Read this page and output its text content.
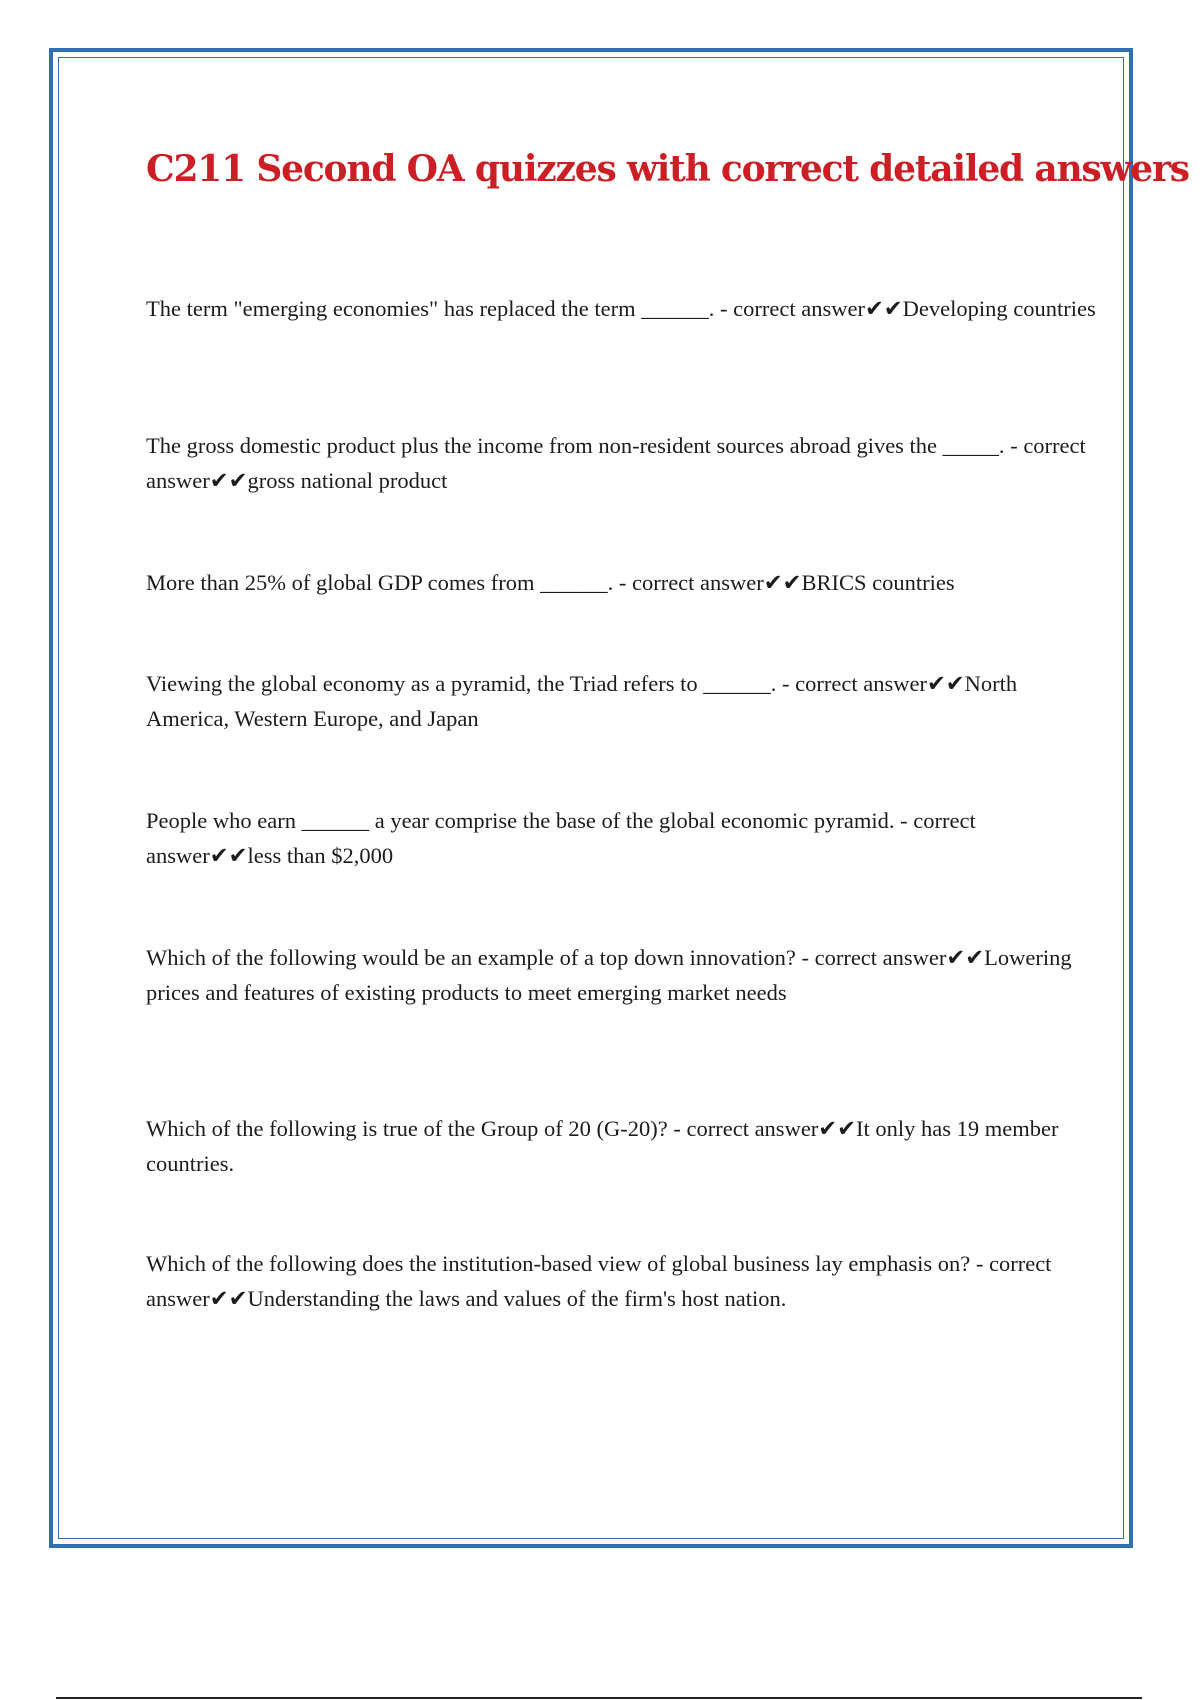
C211 Second OA quizzes with correct detailed answers

The term "emerging economies" has replaced the term ______. - correct answer✔✔Developing countries

The gross domestic product plus the income from non-resident sources abroad gives the _____. - correct answer✔✔gross national product

More than 25% of global GDP comes from ______. - correct answer✔✔BRICS countries

Viewing the global economy as a pyramid, the Triad refers to ______. - correct answer✔✔North America, Western Europe, and Japan

People who earn ______ a year comprise the base of the global economic pyramid. - correct answer✔✔less than $2,000

Which of the following would be an example of a top down innovation? - correct answer✔✔Lowering prices and features of existing products to meet emerging market needs

Which of the following is true of the Group of 20 (G-20)? - correct answer✔✔It only has 19 member countries.

Which of the following does the institution-based view of global business lay emphasis on? - correct answer✔✔Understanding the laws and values of the firm's host nation.
